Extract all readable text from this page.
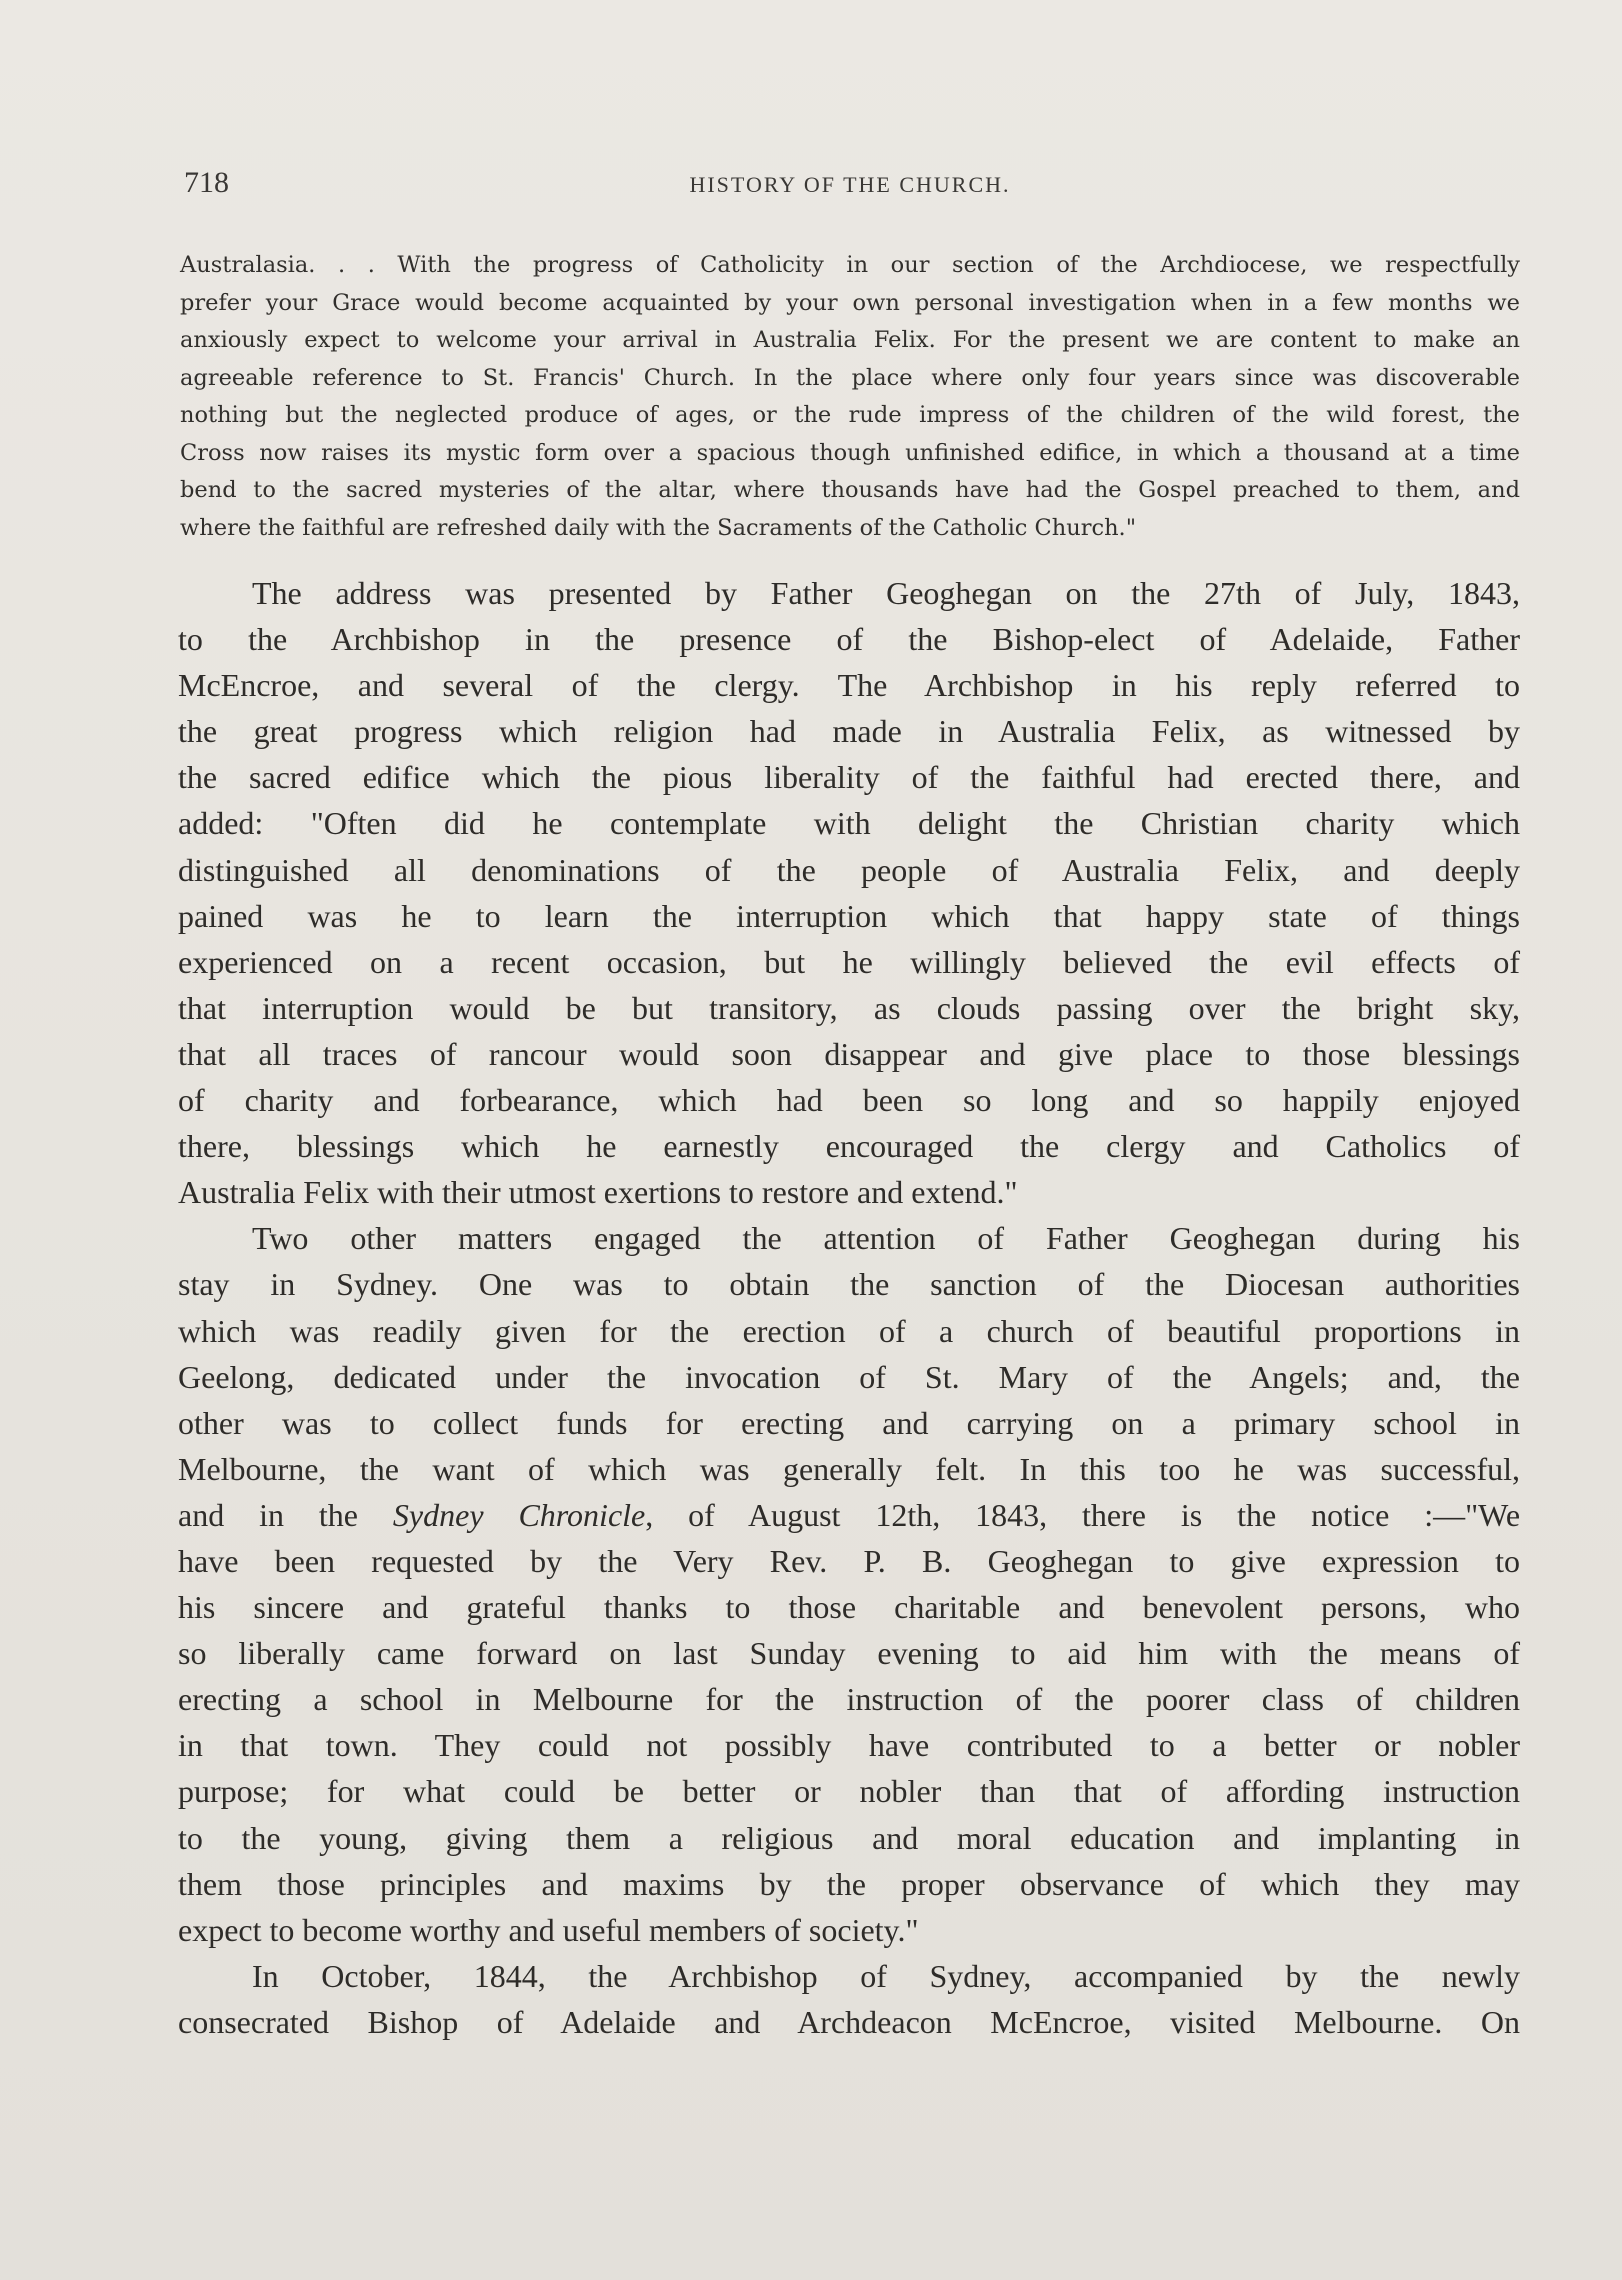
718	HISTORY OF THE CHURCH.
Australasia. . . With the progress of Catholicity in our section of the Archdiocese, we respectfully
prefer your Grace would become acquainted by your own personal investigation when in a few months we
anxiously expect to welcome your arrival in Australia Felix. For the present we are content to make an
agreeable reference to St. Francis' Church. In the place where only four years since was discoverable
nothing but the neglected produce of ages, or the rude impress of the children of the wild forest, the
Cross now raises its mystic form over a spacious though unfinished edifice, in which a thousand at a time
bend to the sacred mysteries of the altar, where thousands have had the Gospel preached to them, and
where the faithful are refreshed daily with the Sacraments of the Catholic Church."
The address was presented by Father Geoghegan on the 27th of July, 1843,
to the Archbishop in the presence of the Bishop-elect of Adelaide, Father
McEncroe, and several of the clergy. The Archbishop in his reply referred to
the great progress which religion had made in Australia Felix, as witnessed by
the sacred edifice which the pious liberality of the faithful had erected there, and
added: "Often did he contemplate with delight the Christian charity which
distinguished all denominations of the people of Australia Felix, and deeply
pained was he to learn the interruption which that happy state of things
experienced on a recent occasion, but he willingly believed the evil effects of
that interruption would be but transitory, as clouds passing over the bright sky,
that all traces of rancour would soon disappear and give place to those blessings
of charity and forbearance, which had been so long and so happily enjoyed
there, blessings which he earnestly encouraged the clergy and Catholics of
Australia Felix with their utmost exertions to restore and extend."
Two other matters engaged the attention of Father Geoghegan during his
stay in Sydney. One was to obtain the sanction of the Diocesan authorities
which was readily given for the erection of a church of beautiful proportions in
Geelong, dedicated under the invocation of St. Mary of the Angels; and, the
other was to collect funds for erecting and carrying on a primary school in
Melbourne, the want of which was generally felt. In this too he was successful,
and in the Sydney Chronicle, of August 12th, 1843, there is the notice :—"We
have been requested by the Very Rev. P. B. Geoghegan to give expression to
his sincere and grateful thanks to those charitable and benevolent persons, who
so liberally came forward on last Sunday evening to aid him with the means of
erecting a school in Melbourne for the instruction of the poorer class of children
in that town. They could not possibly have contributed to a better or nobler
purpose; for what could be better or nobler than that of affording instruction
to the young, giving them a religious and moral education and implanting in
them those principles and maxims by the proper observance of which they may
expect to become worthy and useful members of society."
In October, 1844, the Archbishop of Sydney, accompanied by the newly
consecrated Bishop of Adelaide and Archdeacon McEncroe, visited Melbourne. On
